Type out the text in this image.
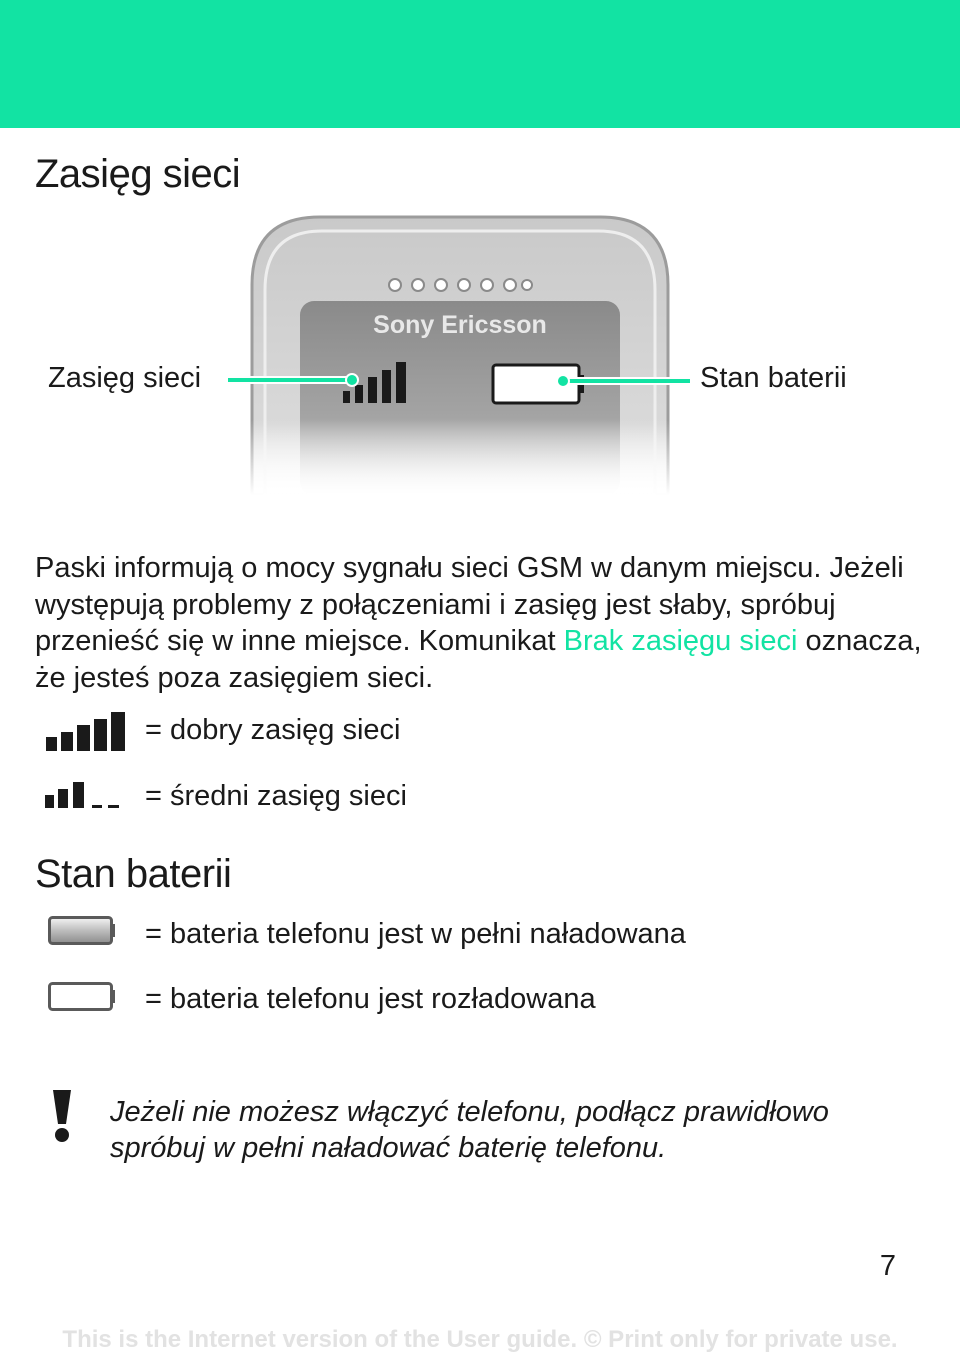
Zasięg sieci
Sony Ericsson
Zasięg sieci	Stan baterii

Paski informują o mocy sygnału sieci GSM w danym miejscu. Jeżeli występują problemy z połączeniami i zasięg jest słaby, spróbuj przenieść się w inne miejsce. Komunikat Brak zasięgu sieci oznacza, że jesteś poza zasięgiem sieci.

= dobry zasięg sieci
= średni zasięg sieci
Stan baterii
= bateria telefonu jest w pełni naładowana
= bateria telefonu jest rozładowana

Jeżeli nie możesz włączyć telefonu, podłącz prawidłowo spróbuj w pełni naładować baterię telefonu.

7
This is the Internet version of the User guide. © Print only for private use.
